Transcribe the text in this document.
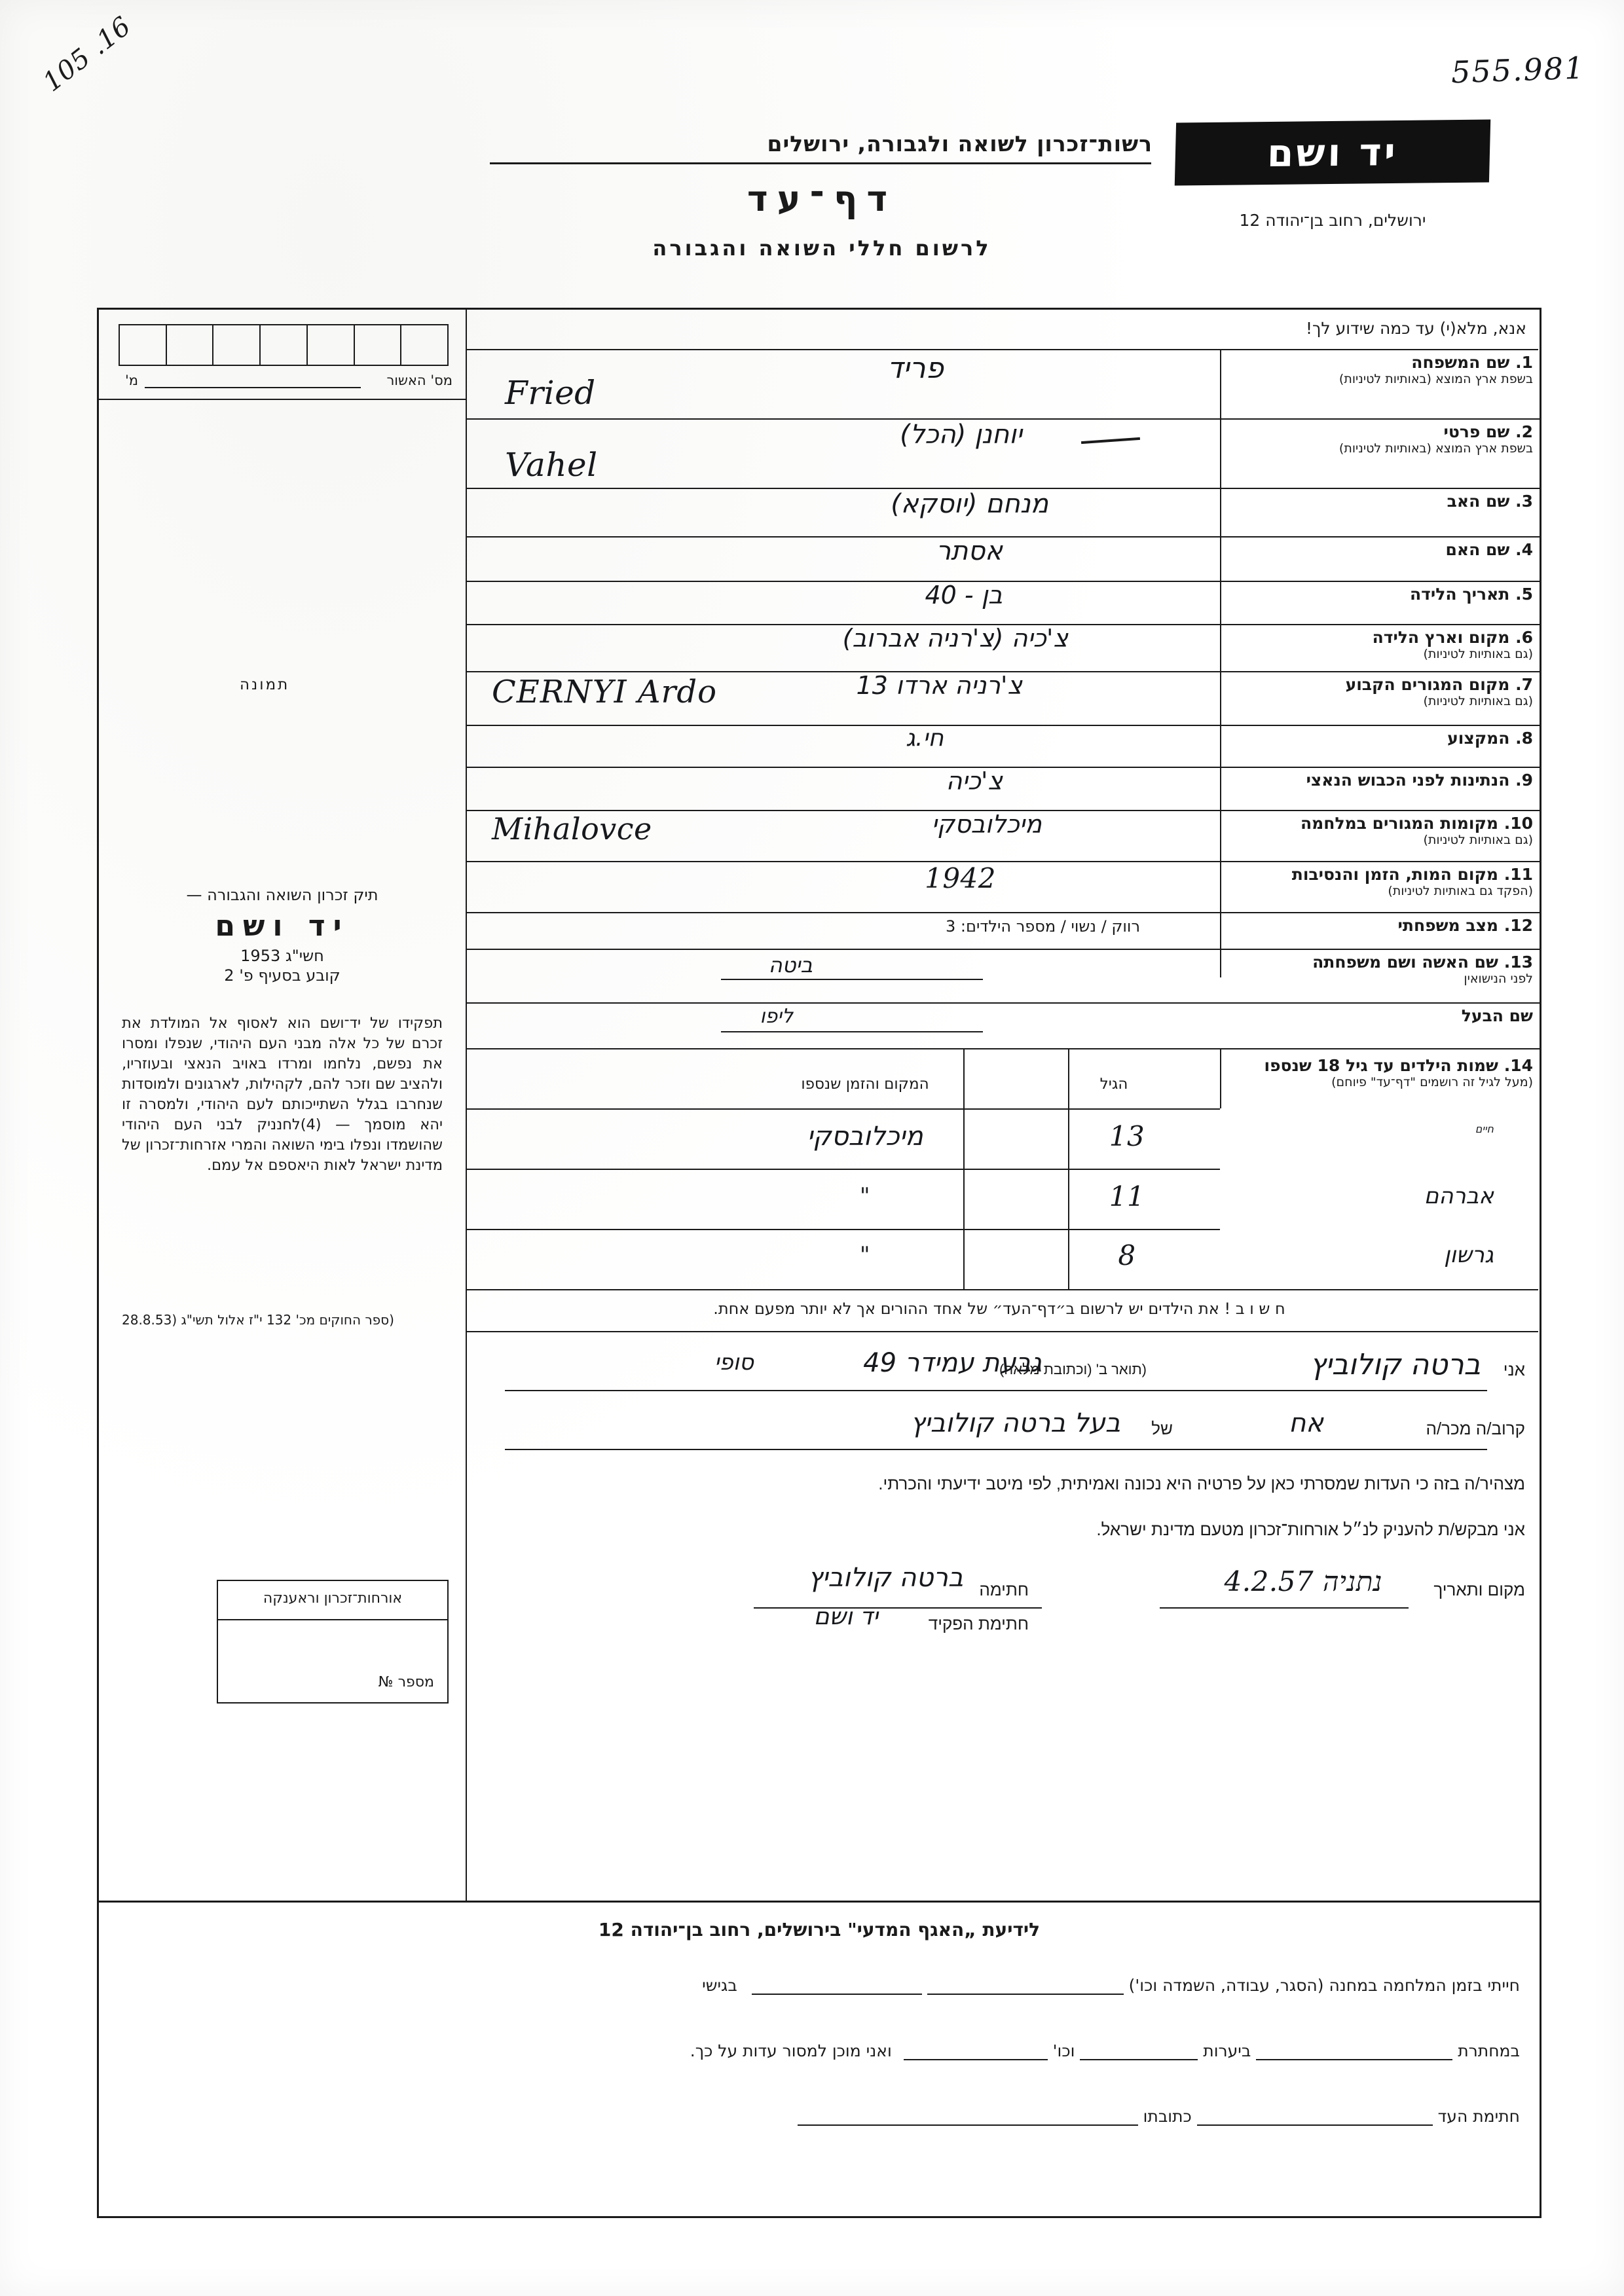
105 .16	555.981
יד ושם
ירושלים, רחוב בן־יהודה 12
רשות־זכרון לשואה ולגבורה, ירושלים
דף־עד
לרשום חללי השואה והגבורה
אנא, מלא(י) עד כמה שידוע לך!
מס' האשור
מ'
תמונה
תיק זכרון השואה והגבורה —
יד ושם
חשי"ג 1953
קובע בסעיף פ' 2
תפקידו של יד־ושם הוא לאסוף אל המולדת את זכרם של כל אלה מבני העם היהודי, שנפלו ומסרו את נפשם, נלחמו ומרדו באויב הנאצי ובעוזריו, ולהציב שם וזכר להם, לקהילות, לארגונים ולמוסדות שנחרבו בגלל השתייכותם לעם היהודי, ולמסרה זו יהא מוסמך — (4)לחנניק לבני העם היהודי שהושמדו ונפלו בימי השואה והמרי אזרחות־זכרון של מדינת ישראל לאות היאספם אל עמם.
(ספר החוקים מכ' 132 י"ז אלול תשי"ג (28.8.53
אורחות־זכרון וראענקה
מספר №
1. שם המשפחה
בשפת ארץ המוצא (באותיות לטיניות)
פריד
Fried
2. שם פרטי
בשפת ארץ המוצא (באותיות לטיניות)
יוחנן (הכל)
Vahel
3. שם האב
מנחם (יוסקא)
4. שם האם
אסתר
5. תאריך הלידה
בן - 40
6. מקום וארץ הלידה
(גם באותיות לטיניות)
צ'כיה (צ'רניה אברוב)
7. מקום המגורים הקבוע
(גם באותיות לטיניות)
צ'רניה ארדו 13
CERNYI Ardo
8. המקצוע
חי.ג
9. הנתינות לפני הכבוש הנאצי
צ'כיה
10. מקומות המגורים במלחמה
(גם באותיות לטיניות)
מיכלובסקי
Mihalovce
11. מקום המות, הזמן והנסיבות
(הפקד גם באותיות לטיניות)
1942
12. מצב משפחתי
רווק / נשוי / מספר הילדים: 3
13. שם האשה ושם משפחתה
לפני הנישואין
ביטה
שם הבעל
ליפו
14. שמות הילדים עד גיל 18 שנספו
(מעל לגיל זה רושמים "דף־עד" פיוחם)
הגיל
המקום והזמן שנספו
חיים
13
מיכלובסקי
אברהם
11
"
גרשון
8
"
ח ש ו ב ! את הילדים יש לרשום ב״דף־העד״ של אחד ההורים אך לא יותר מפעם אחת.
אני
ברטה קולוביץ
(תואר ב' (וכתובת מלאה)
גבעת עמידר 49
סופי
קרוב/ה מכר/ה
אח
של
בעל ברטה קולוביץ
מצהיר/ה בזה כי העדות שמסרתי כאן על פרטיה היא נכונה ואמיתית, לפי מיטב ידיעתי והכרתי.
אני מבקש/ת להעניק לנ״ל אורחות־זכרון מטעם מדינת ישראל.
מקום ותאריך
נתניה 4.2.57
חתימה
ברטה קולוביץ
חתימת הפקיד
יד ושם
לידיעת „האגף המדעי" בירושלים, רחוב בן־יהודה 12
חייתי בזמן המלחמה במחנה (הסגר, עבודה, השמדה וכו')   בגישי
במחתרת  ביערות  וכו'  ואני מוכן למסור עדות על כך.
חתימת העד  כתובתו
